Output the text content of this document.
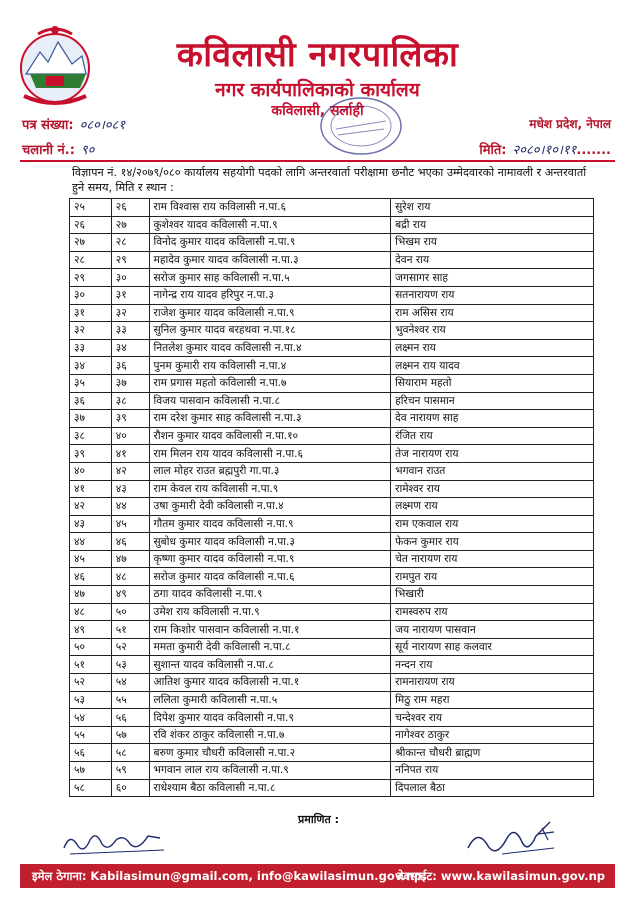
कविलासी नगरपालिका
नगर कार्यपालिकाको कार्यालय
कविलासी, सर्लाही
पत्र संख्या: ०८०।०८१
चलानी नं.: ९०
मधेश प्रदेश, नेपाल
मिति: २०८०।१०।११.......
विज्ञापन नं. १४/२०७९/०८० कार्यालय सहयोगी पदको लागि अन्तरवार्ता परीक्षामा छनौट भएका उम्मेदवारको नामावली र अन्तरवार्ता हुने समय, मिति र स्थान :
२५	२६	राम विश्वास राय कविलासी न.पा.६	सुरेश राय
२६	२७	कुशेश्वर यादव कविलासी न.पा.९	बद्री राय
२७	२८	विनोद कुमार यादव कविलासी न.पा.९	भिखम राय
२८	२९	महादेव कुमार यादव कविलासी न.पा.३	देवन राय
२९	३०	सरोज कुमार साह कविलासी न.पा.५	जगसागर साह
३०	३१	नागेन्द्र राय यादव हरिपुर न.पा.३	सतनारायण राय
३१	३२	राजेश कुमार यादव कविलासी न.पा.९	राम असिस राय
३२	३३	सुनिल कुमार यादव बरहथवा न.पा.१८	भुवनेश्वर राय
३३	३४	नितलेश कुमार यादव कविलासी न.पा.४	लक्ष्मन राय
३४	३६	पुनम कुमारी राय कविलासी न.पा.४	लक्ष्मन राय यादव
३५	३७	राम प्रगास महतो कविलासी न.पा.७	सियाराम महतो
३६	३८	विजय पासवान कविलासी न.पा.८	हरिचन पासमान
३७	३९	राम दरेश कुमार साह कविलासी न.पा.३	देव नारायण साह
३८	४०	रौशन कुमार यादव कविलासी न.पा.१०	रंजित राय
३९	४१	राम मिलन राय यादव कविलासी न.पा.६	तेज नारायण राय
४०	४२	लाल मोहर राउत ब्रह्मपुरी गा.पा.३	भगवान राउत
४१	४३	राम केवल राय कविलासी न.पा.९	रामेश्वर राय
४२	४४	उषा कुमारी देवी कविलासी न.पा.४	लक्ष्मण राय
४३	४५	गौतम कुमार यादव कविलासी न.पा.९	राम एकवाल राय
४४	४६	सुबोध कुमार यादव कविलासी न.पा.३	फेकन कुमार राय
४५	४७	कृष्णा कुमार यादव कविलासी न.पा.९	चेत नारायण राय
४६	४८	सरोज कुमार यादव कविलासी न.पा.६	रामपुत राय
४७	४९	ठगा यादव कविलासी न.पा.९	भिखारी
४८	५०	उमेश राय कविलासी न.पा.९	रामस्वरुप राय
४९	५१	राम किशोर पासवान कविलासी न.पा.१	जय नारायण पासवान
५०	५२	ममता कुमारी देवी कविलासी न.पा.८	सूर्य नारायण साह कलवार
५१	५३	सुशान्त यादव कविलासी न.पा.८	नन्दन राय
५२	५४	आतिश कुमार यादव कविलासी न.पा.१	रामनारायण राय
५३	५५	ललिता कुमारी कविलासी न.पा.५	मिठु राम महरा
५४	५६	दिपेश कुमार यादव कविलासी न.पा.९	चन्देश्वर राय
५५	५७	रवि शंकर ठाकुर कविलासी न.पा.७	नागेश्वर ठाकुर
५६	५८	बरुण कुमार चौधरी कविलासी न.पा.२	श्रीकान्त चौधरी ब्राह्मण
५७	५९	भगवान लाल राय कविलासी न.पा.९	ननिपत राय
५८	६०	राधेश्याम बैठा कविलासी न.पा.८	दिपलाल बैठा
प्रमाणित :
इमेल ठेगाना: Kabilasimun@gmail.com, info@kawilasimun.gov.np.
वेवसाईट: www.kawilasimun.gov.np
